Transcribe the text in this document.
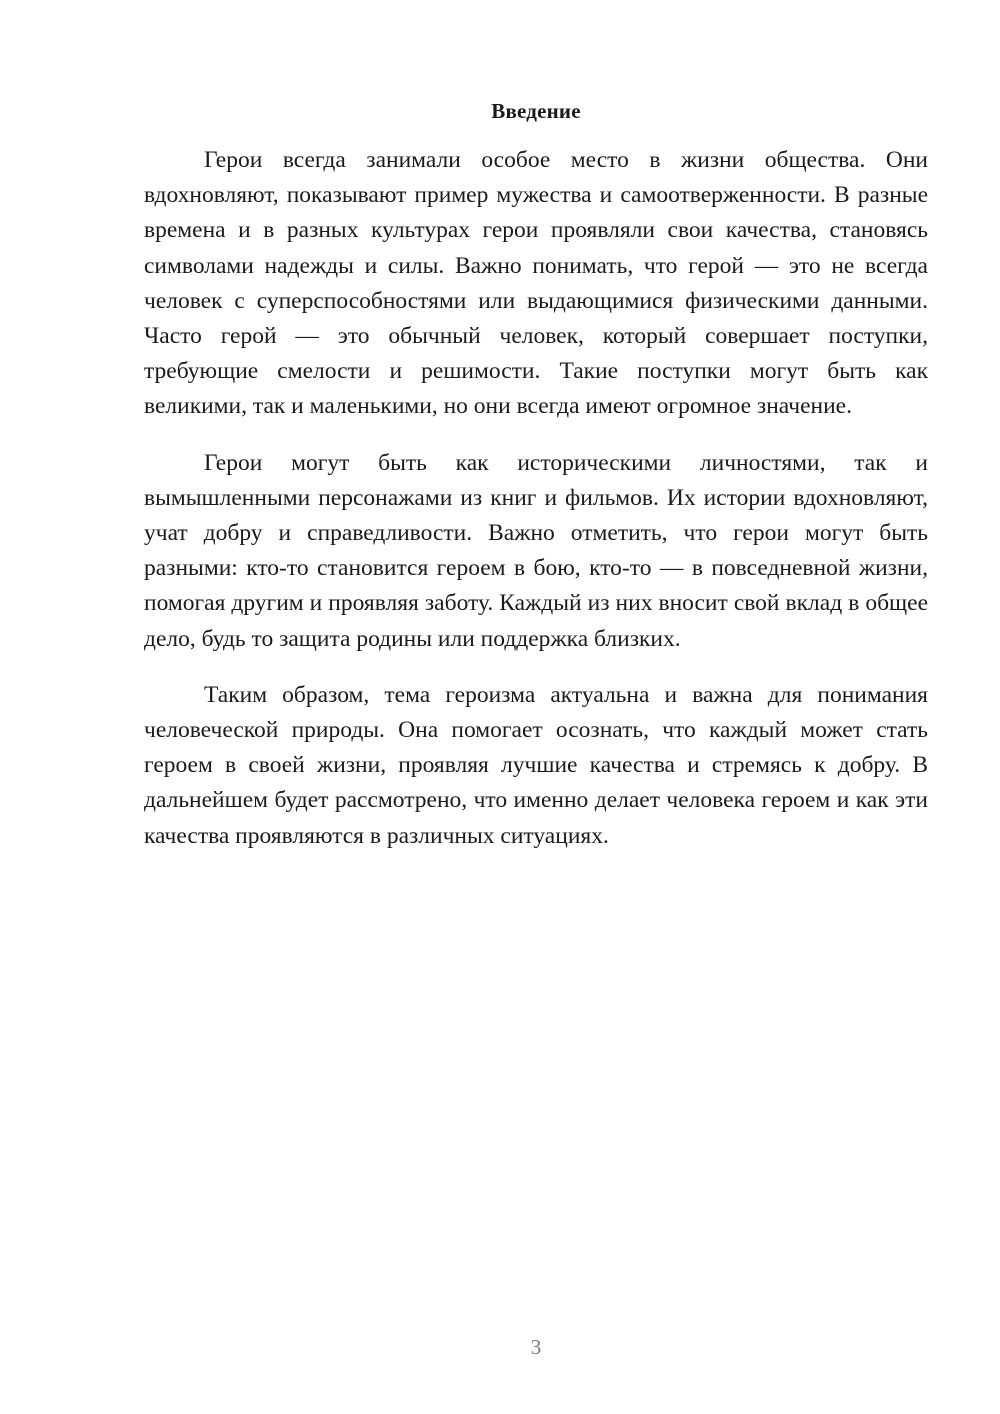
Введение

Герои всегда занимали особое место в жизни общества. Они вдохновляют, показывают пример мужества и самоотверженности. В разные времена и в разных культурах герои проявляли свои качества, становясь символами надежды и силы. Важно понимать, что герой — это не всегда человек с суперспособностями или выдающимися физическими данными. Часто герой — это обычный человек, который совершает поступки, требующие смелости и решимости. Такие поступки могут быть как великими, так и маленькими, но они всегда имеют огромное значение.

Герои могут быть как историческими личностями, так и вымышленными персонажами из книг и фильмов. Их истории вдохновляют, учат добру и справедливости. Важно отметить, что герои могут быть разными: кто-то становится героем в бою, кто-то — в повседневной жизни, помогая другим и проявляя заботу. Каждый из них вносит свой вклад в общее дело, будь то защита родины или поддержка близких.

Таким образом, тема героизма актуальна и важна для понимания человеческой природы. Она помогает осознать, что каждый может стать героем в своей жизни, проявляя лучшие качества и стремясь к добру. В дальнейшем будет рассмотрено, что именно делает человека героем и как эти качества проявляются в различных ситуациях.

3
